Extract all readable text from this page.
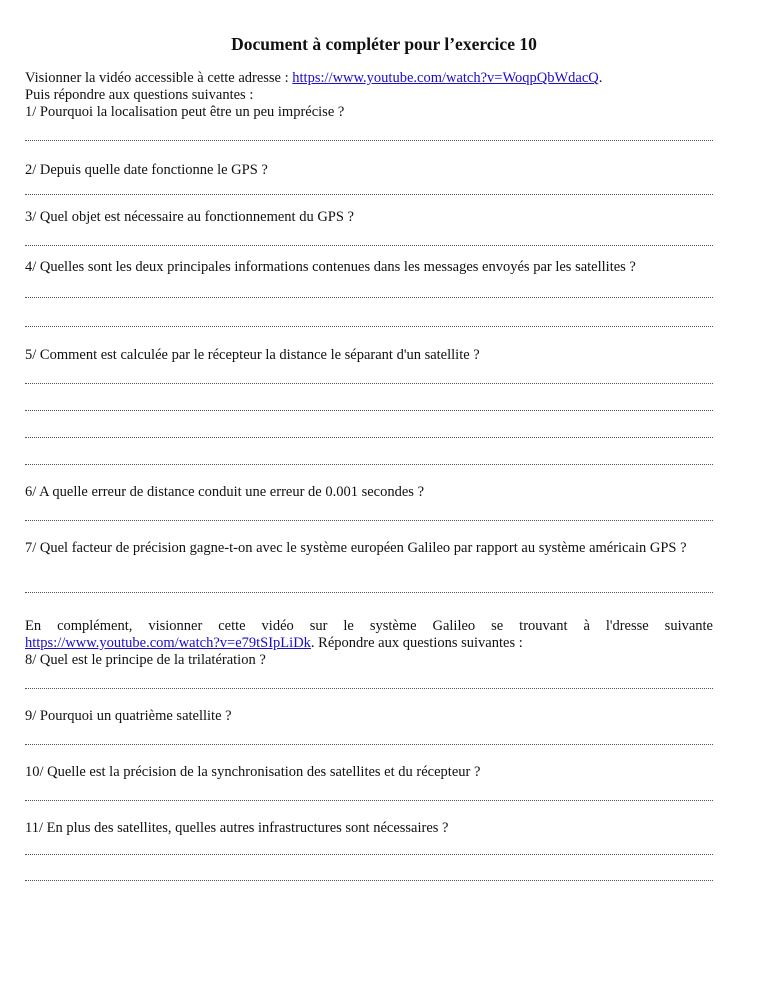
Document à compléter pour l’exercice 10
Visionner la vidéo accessible à cette adresse : https://www.youtube.com/watch?v=WoqpQbWdacQ.
Puis répondre aux questions suivantes :
1/ Pourquoi la localisation peut être un peu imprécise ?
2/ Depuis quelle date fonctionne le GPS ?
3/ Quel objet est nécessaire au fonctionnement du GPS ?
4/ Quelles sont les deux principales informations contenues dans les messages envoyés par les satellites ?
5/ Comment est calculée par le récepteur la distance le séparant d'un satellite ?
6/ A quelle erreur de distance conduit une erreur de 0.001 secondes ?
7/ Quel facteur de précision gagne-t-on avec le système européen Galileo par rapport au système américain GPS ?
En complément, visionner cette vidéo sur le système Galileo se trouvant à l'dresse suivante https://www.youtube.com/watch?v=e79tSIpLiDk. Répondre aux questions suivantes :
8/ Quel est le principe de la trilatération ?
9/ Pourquoi un quatrième satellite ?
10/ Quelle est la précision de la synchronisation des satellites et du récepteur ?
11/ En plus des satellites, quelles autres infrastructures sont nécessaires ?
